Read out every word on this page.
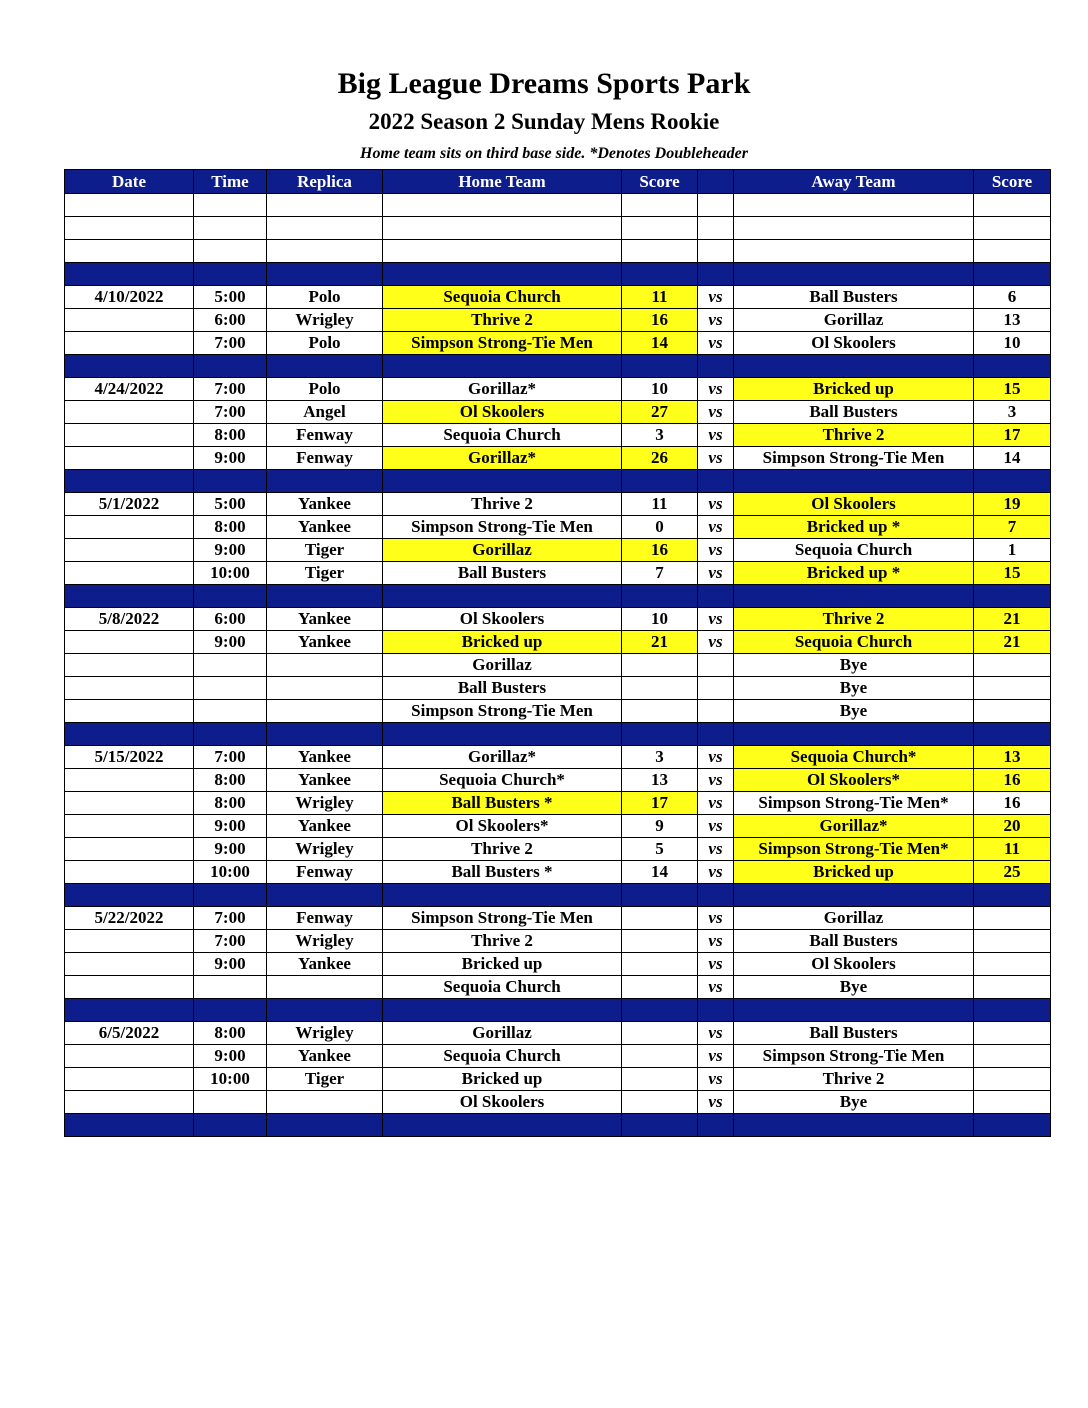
Big League Dreams Sports Park
2022 Season 2 Sunday Mens Rookie
Home team sits on third base side. *Denotes Doubleheader
Date	Time	Replica	Home Team	Score		Away Team	Score

4/10/2022	5:00	Polo	Sequoia Church	11	vs	Ball Busters	6
	6:00	Wrigley	Thrive 2	16	vs	Gorillaz	13
	7:00	Polo	Simpson Strong-Tie Men	14	vs	Ol Skoolers	10

4/24/2022	7:00	Polo	Gorillaz*	10	vs	Bricked up	15
	7:00	Angel	Ol Skoolers	27	vs	Ball Busters	3
	8:00	Fenway	Sequoia Church	3	vs	Thrive 2	17
	9:00	Fenway	Gorillaz*	26	vs	Simpson Strong-Tie Men	14

5/1/2022	5:00	Yankee	Thrive 2	11	vs	Ol Skoolers	19
	8:00	Yankee	Simpson Strong-Tie Men	0	vs	Bricked up *	7
	9:00	Tiger	Gorillaz	16	vs	Sequoia Church	1
	10:00	Tiger	Ball Busters	7	vs	Bricked up *	15

5/8/2022	6:00	Yankee	Ol Skoolers	10	vs	Thrive 2	21
	9:00	Yankee	Bricked up	21	vs	Sequoia Church	21
			Gorillaz			Bye	
			Ball Busters			Bye	
			Simpson Strong-Tie Men			Bye	

5/15/2022	7:00	Yankee	Gorillaz*	3	vs	Sequoia Church*	13
	8:00	Yankee	Sequoia Church*	13	vs	Ol Skoolers*	16
	8:00	Wrigley	Ball Busters *	17	vs	Simpson Strong-Tie Men*	16
	9:00	Yankee	Ol Skoolers*	9	vs	Gorillaz*	20
	9:00	Wrigley	Thrive 2	5	vs	Simpson Strong-Tie Men*	11
	10:00	Fenway	Ball Busters *	14	vs	Bricked up	25

5/22/2022	7:00	Fenway	Simpson Strong-Tie Men		vs	Gorillaz	
	7:00	Wrigley	Thrive 2		vs	Ball Busters	
	9:00	Yankee	Bricked up		vs	Ol Skoolers	
			Sequoia Church		vs	Bye	

6/5/2022	8:00	Wrigley	Gorillaz		vs	Ball Busters	
	9:00	Yankee	Sequoia Church		vs	Simpson Strong-Tie Men	
	10:00	Tiger	Bricked up		vs	Thrive 2	
			Ol Skoolers		vs	Bye	
